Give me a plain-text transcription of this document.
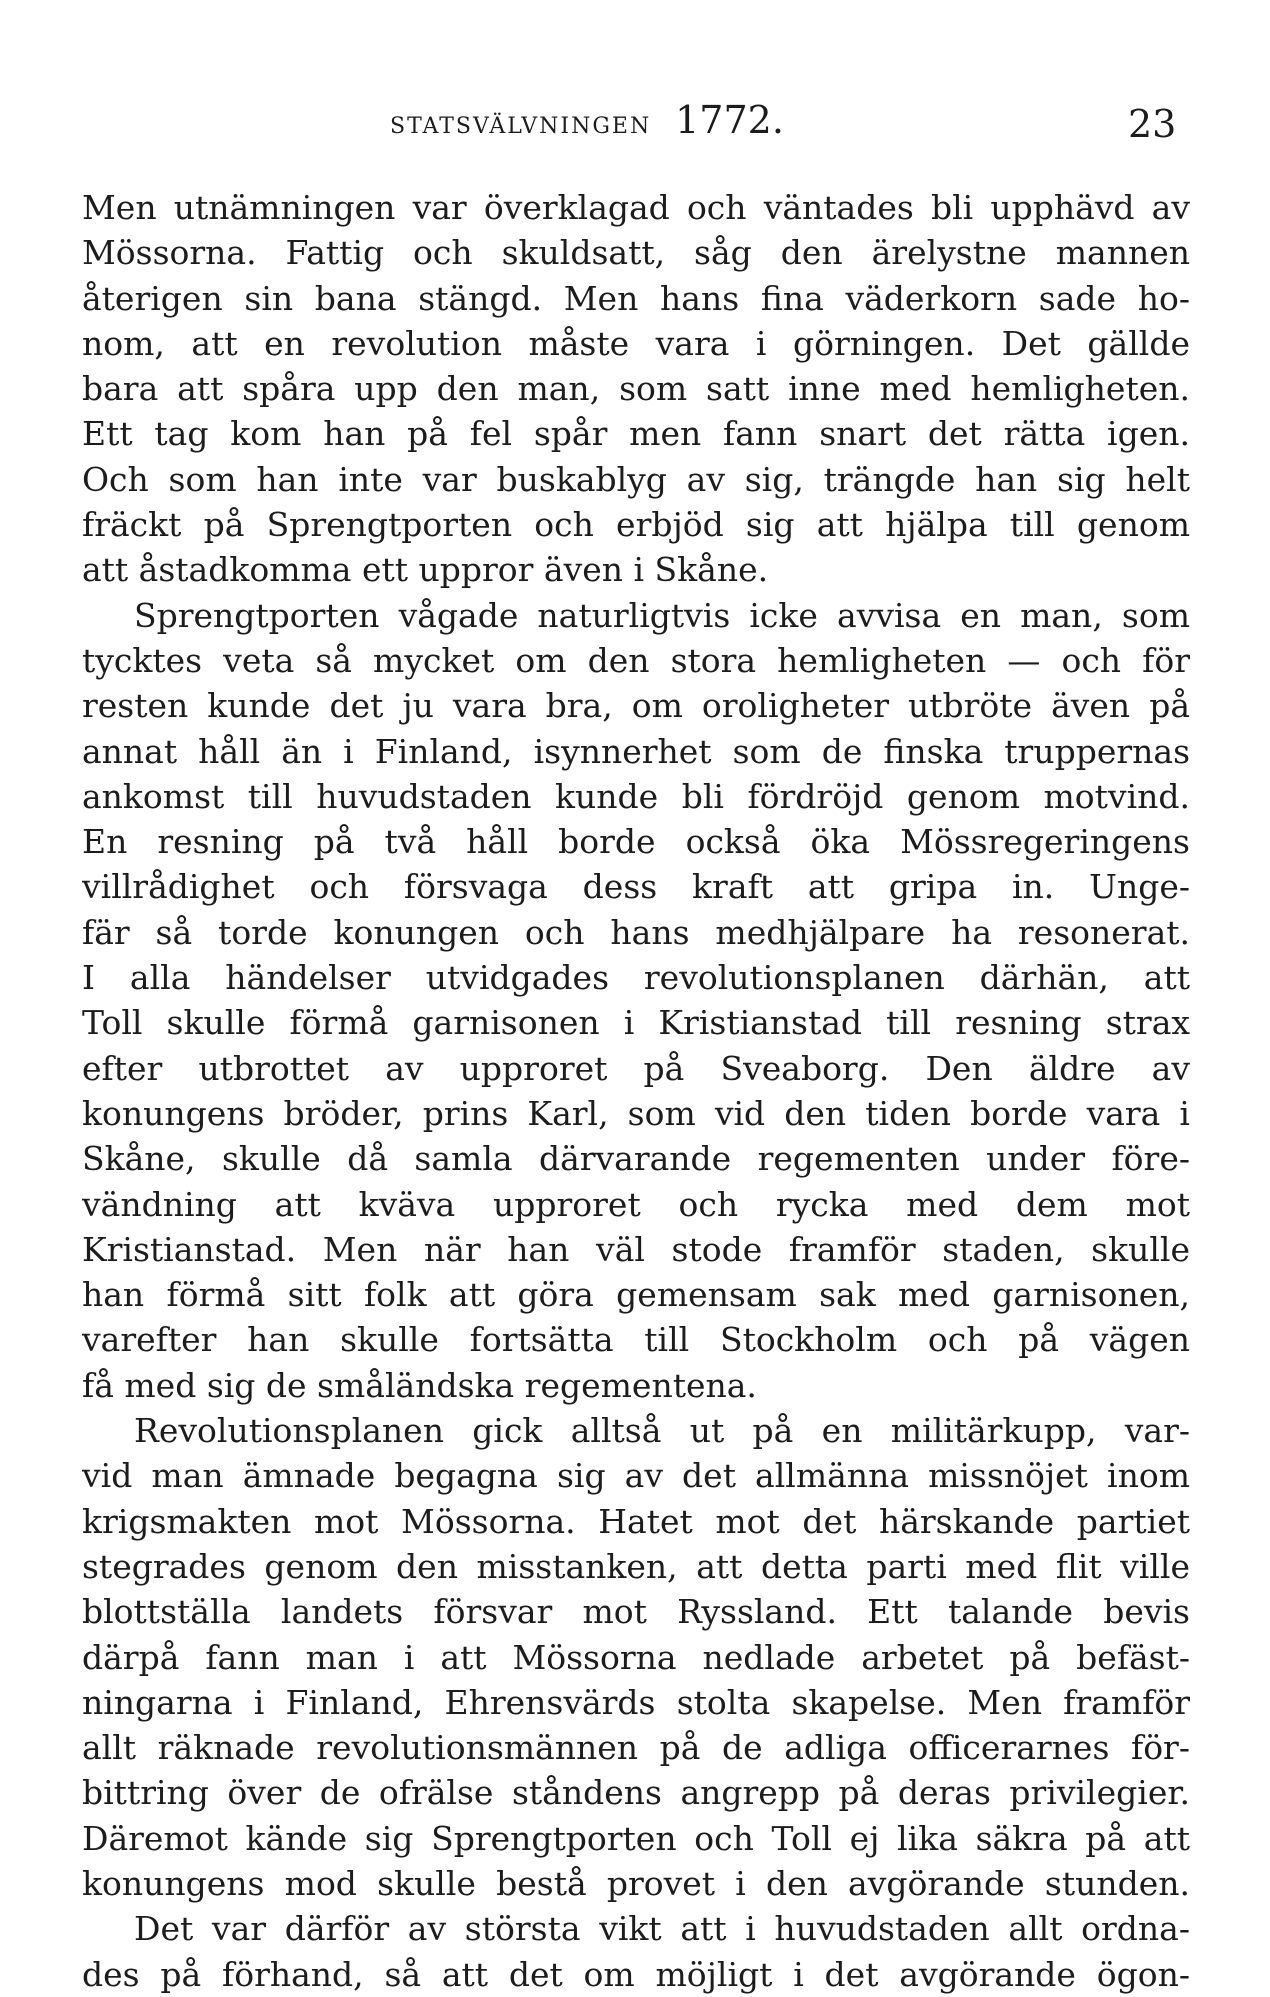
STATSVÄLVNINGEN 1772.	23
Men utnämningen var överklagad och väntades bli upphävd av
Mössorna. Fattig och skuldsatt, såg den ärelystne mannen
återigen sin bana stängd. Men hans fina väderkorn sade ho-
nom, att en revolution måste vara i görningen. Det gällde
bara att spåra upp den man, som satt inne med hemligheten.
Ett tag kom han på fel spår men fann snart det rätta igen.
Och som han inte var buskablyg av sig, trängde han sig helt
fräckt på Sprengtporten och erbjöd sig att hjälpa till genom
att åstadkomma ett uppror även i Skåne.
Sprengtporten vågade naturligtvis icke avvisa en man, som
tycktes veta så mycket om den stora hemligheten — och för
resten kunde det ju vara bra, om oroligheter utbröte även på
annat håll än i Finland, isynnerhet som de finska truppernas
ankomst till huvudstaden kunde bli fördröjd genom motvind.
En resning på två håll borde också öka Mössregeringens
villrådighet och försvaga dess kraft att gripa in. Unge-
fär så torde konungen och hans medhjälpare ha resonerat.
I alla händelser utvidgades revolutionsplanen därhän, att
Toll skulle förmå garnisonen i Kristianstad till resning strax
efter utbrottet av upproret på Sveaborg. Den äldre av
konungens bröder, prins Karl, som vid den tiden borde vara i
Skåne, skulle då samla därvarande regementen under före-
vändning att kväva upproret och rycka med dem mot
Kristianstad. Men när han väl stode framför staden, skulle
han förmå sitt folk att göra gemensam sak med garnisonen,
varefter han skulle fortsätta till Stockholm och på vägen
få med sig de småländska regementena.
Revolutionsplanen gick alltså ut på en militärkupp, var-
vid man ämnade begagna sig av det allmänna missnöjet inom
krigsmakten mot Mössorna. Hatet mot det härskande partiet
stegrades genom den misstanken, att detta parti med flit ville
blottställa landets försvar mot Ryssland. Ett talande bevis
därpå fann man i att Mössorna nedlade arbetet på befäst-
ningarna i Finland, Ehrensvärds stolta skapelse. Men framför
allt räknade revolutionsmännen på de adliga officerarnes för-
bittring över de ofrälse ståndens angrepp på deras privilegier.
Däremot kände sig Sprengtporten och Toll ej lika säkra på att
konungens mod skulle bestå provet i den avgörande stunden.
Det var därför av största vikt att i huvudstaden allt ordna-
des på förhand, så att det om möjligt i det avgörande ögon-
